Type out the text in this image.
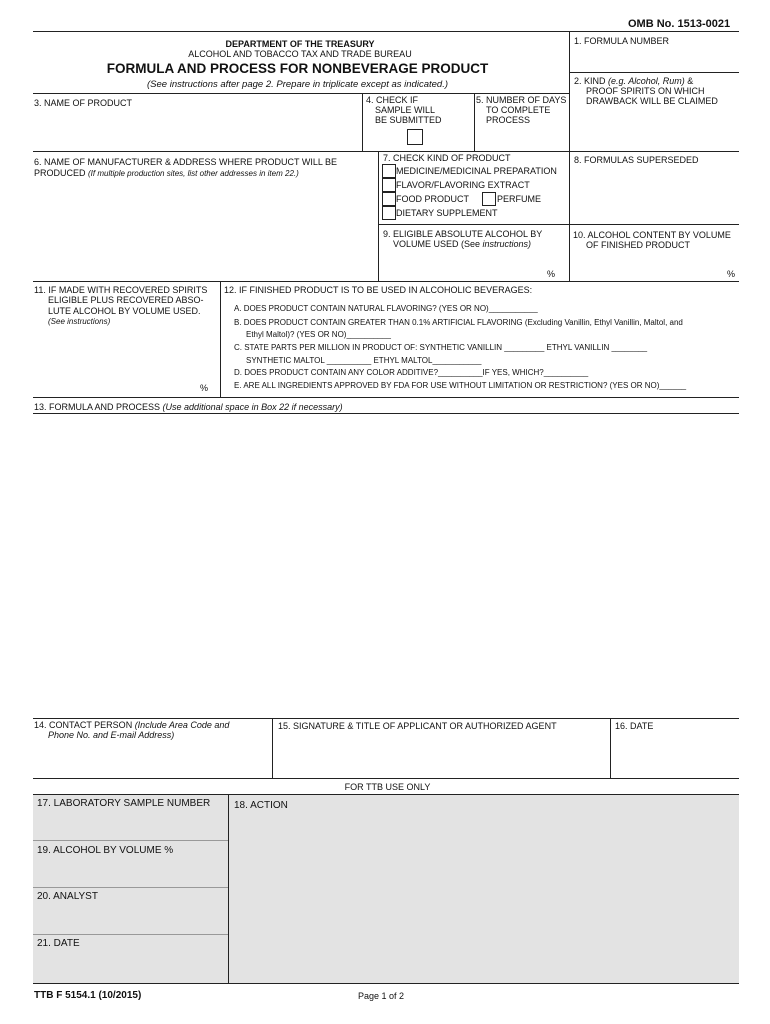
OMB No. 1513-0021
DEPARTMENT OF THE TREASURY
ALCOHOL AND TOBACCO TAX AND TRADE BUREAU
FORMULA AND PROCESS FOR NONBEVERAGE PRODUCT
(See instructions after page 2. Prepare in triplicate except as indicated.)
1. FORMULA NUMBER
2. KIND (e.g. Alcohol, Rum) &
PROOF SPIRITS ON WHICH
DRAWBACK WILL BE CLAIMED
3. NAME OF PRODUCT	4. CHECK IF
SAMPLE WILL
BE SUBMITTED
5. NUMBER OF DAYS
TO COMPLETE
PROCESS
6. NAME OF MANUFACTURER & ADDRESS WHERE PRODUCT WILL BE
PRODUCED (If multiple production sites, list other addresses in item 22.)
7. CHECK KIND OF PRODUCT
MEDICINE/MEDICINAL PREPARATION
FLAVOR/FLAVORING EXTRACT
FOOD PRODUCT	PERFUME
DIETARY SUPPLEMENT
8. FORMULAS SUPERSEDED
9. ELIGIBLE ABSOLUTE ALCOHOL BY
VOLUME USED (See instructions)
%
10. ALCOHOL CONTENT BY VOLUME
OF FINISHED PRODUCT
%
11. IF MADE WITH RECOVERED SPIRITS
ELIGIBLE PLUS RECOVERED ABSO-
LUTE ALCOHOL BY VOLUME USED.
(See instructions)
%
12. IF FINISHED PRODUCT IS TO BE USED IN ALCOHOLIC BEVERAGES:
A. DOES PRODUCT CONTAIN NATURAL FLAVORING? (YES OR NO)___________
B. DOES PRODUCT CONTAIN GREATER THAN 0.1% ARTIFICIAL FLAVORING (Excluding Vanillin, Ethyl Vanillin, Maltol, and
Ethyl Maltol)? (YES OR NO)__________
C. STATE PARTS PER MILLION IN PRODUCT OF: SYNTHETIC VANILLIN _________ ETHYL VANILLIN ________
SYNTHETIC MALTOL __________ ETHYL MALTOL___________
D. DOES PRODUCT CONTAIN ANY COLOR ADDITIVE?__________IF YES, WHICH?__________
E. ARE ALL INGREDIENTS APPROVED BY FDA FOR USE WITHOUT LIMITATION OR RESTRICTION? (YES OR NO)______
13. FORMULA AND PROCESS (Use additional space in Box 22 if necessary)
14. CONTACT PERSON (Include Area Code and
Phone No. and E-mail Address)
15. SIGNATURE & TITLE OF APPLICANT OR AUTHORIZED AGENT	16. DATE
FOR TTB USE ONLY
17. LABORATORY SAMPLE NUMBER 18. ACTION
19. ALCOHOL BY VOLUME %
20. ANALYST
21. DATE
TTB F 5154.1 (10/2015)	Page 1 of 2
